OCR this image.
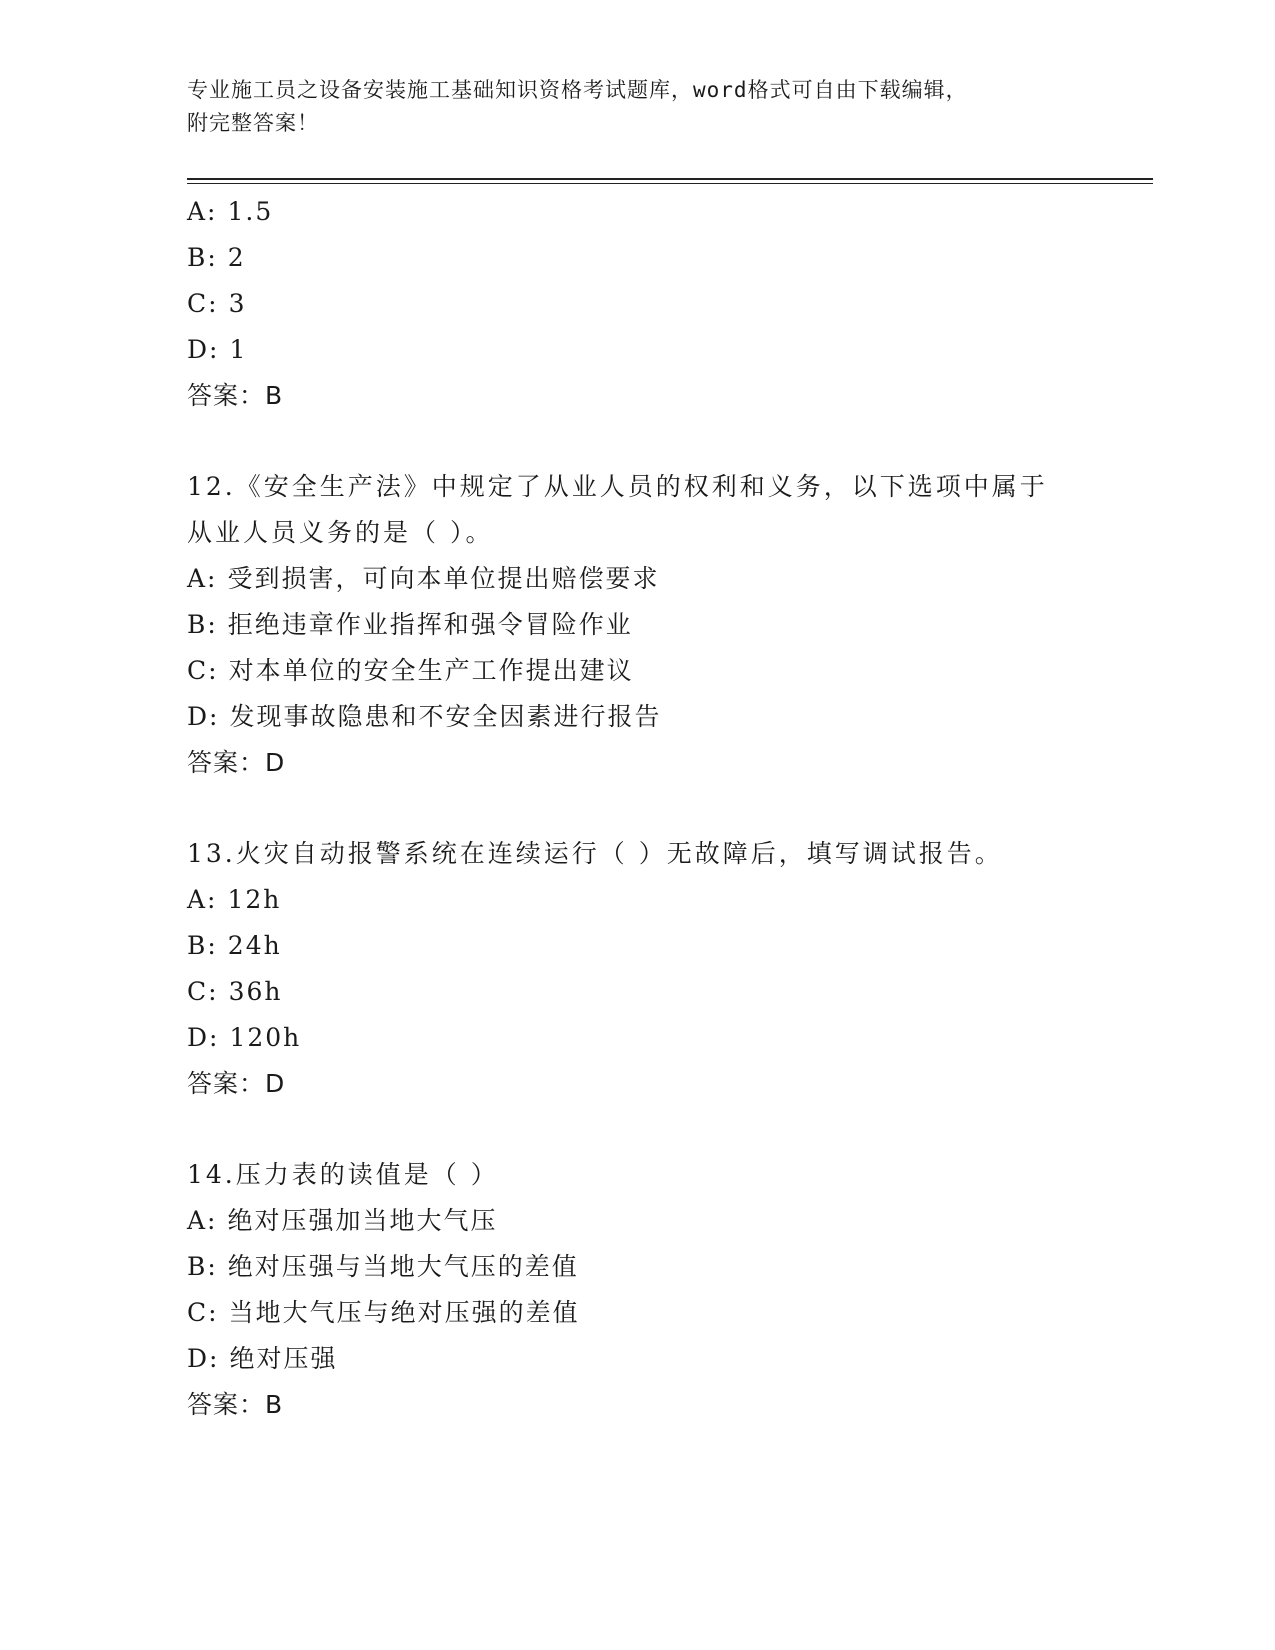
专业施工员之设备安装施工基础知识资格考试题库，word格式可自由下载编辑，
附完整答案！
A: 1.5
B: 2
C: 3
D: 1
答案：B
12.《安全生产法》中规定了从业人员的权利和义务，以下选项中属于
从业人员义务的是（ ）。
A: 受到损害，可向本单位提出赔偿要求
B: 拒绝违章作业指挥和强令冒险作业
C: 对本单位的安全生产工作提出建议
D: 发现事故隐患和不安全因素进行报告
答案：D
13.火灾自动报警系统在连续运行（ ）无故障后，填写调试报告。
A: 12h
B: 24h
C: 36h
D: 120h
答案：D
14.压力表的读值是（ ）
A: 绝对压强加当地大气压
B: 绝对压强与当地大气压的差值
C: 当地大气压与绝对压强的差值
D: 绝对压强
答案：B
